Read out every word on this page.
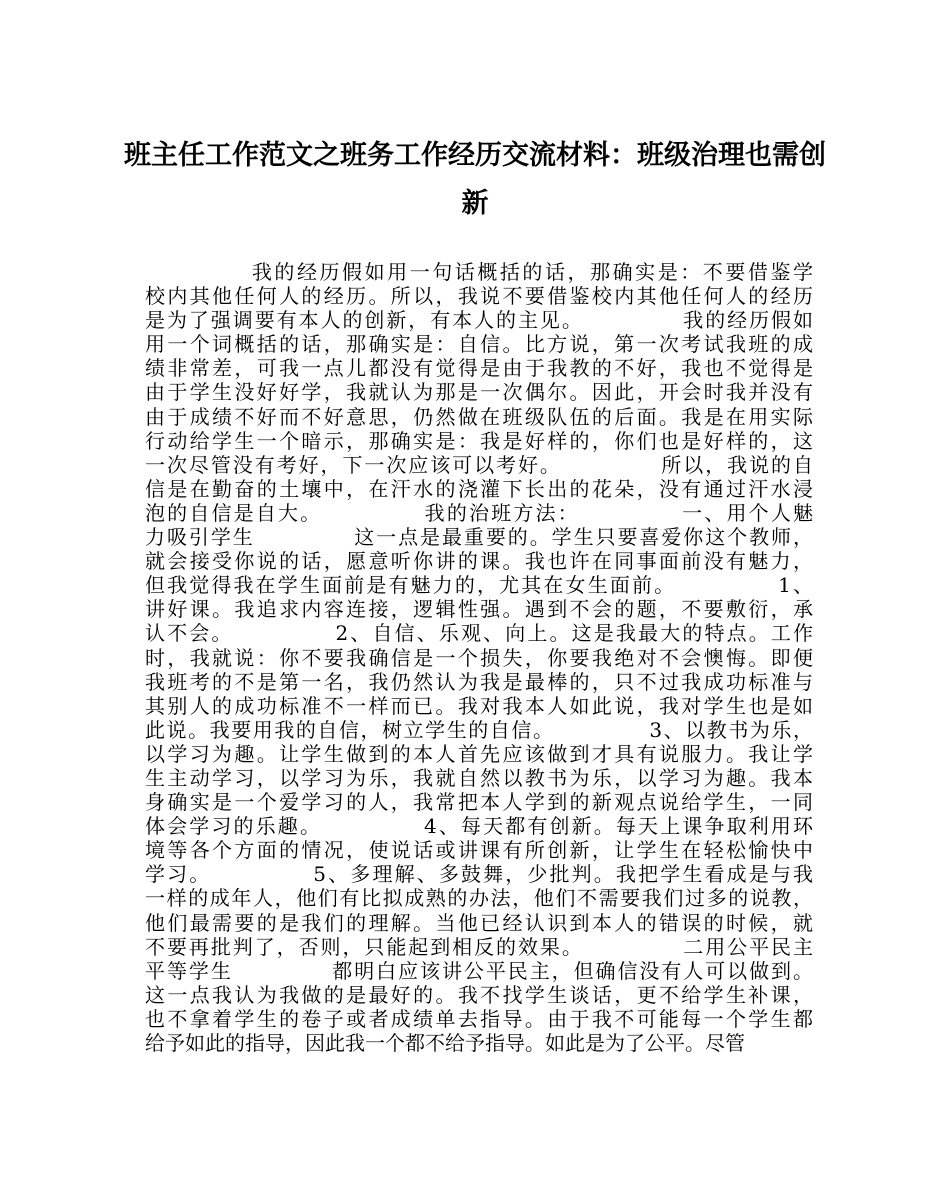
班主任工作范文之班务工作经历交流材料：班级治理也需创新
我的经历假如用一句话概括的话，那确实是：不要借鉴学
校内其他任何人的经历。所以，我说不要借鉴校内其他任何人的经历
是为了强调要有本人的创新，有本人的主见。            我的经历假如
用一个词概括的话，那确实是：自信。比方说，第一次考试我班的成
绩非常差，可我一点儿都没有觉得是由于我教的不好，我也不觉得是
由于学生没好好学，我就认为那是一次偶尔。因此，开会时我并没有
由于成绩不好而不好意思，仍然做在班级队伍的后面。我是在用实际
行动给学生一个暗示，那确实是：我是好样的，你们也是好样的，这
一次尽管没有考好，下一次应该可以考好。            所以，我说的自
信是在勤奋的土壤中，在汗水的浇灌下长出的花朵，没有通过汗水浸
泡的自信是自大。            我的治班方法：            一、用个人魅
力吸引学生            这一点是最重要的。学生只要喜爱你这个教师，
就会接受你说的话，愿意听你讲的课。我也许在同事面前没有魅力，
但我觉得我在学生面前是有魅力的，尤其在女生面前。            1、
讲好课。我追求内容连接，逻辑性强。遇到不会的题，不要敷衍，承
认不会。            2、自信、乐观、向上。这是我最大的特点。工作
时，我就说：你不要我确信是一个损失，你要我绝对不会懊悔。即便
我班考的不是第一名，我仍然认为我是最棒的，只不过我成功标准与
其别人的成功标准不一样而已。我对我本人如此说，我对学生也是如
此说。我要用我的自信，树立学生的自信。            3、以教书为乐，
以学习为趣。让学生做到的本人首先应该做到才具有说服力。我让学
生主动学习，以学习为乐，我就自然以教书为乐，以学习为趣。我本
身确实是一个爱学习的人，我常把本人学到的新观点说给学生，一同
体会学习的乐趣。            4、每天都有创新。每天上课争取利用环
境等各个方面的情况，使说话或讲课有所创新，让学生在轻松愉快中
学习。            5、多理解、多鼓舞，少批判。我把学生看成是与我
一样的成年人，他们有比拟成熟的办法，他们不需要我们过多的说教，
他们最需要的是我们的理解。当他已经认识到本人的错误的时候，就
不要再批判了，否则，只能起到相反的效果。            二用公平民主
平等学生            都明白应该讲公平民主，但确信没有人可以做到。
这一点我认为我做的是最好的。我不找学生谈话，更不给学生补课，
也不拿着学生的卷子或者成绩单去指导。由于我不可能每一个学生都
给予如此的指导，因此我一个都不给予指导。如此是为了公平。尽管
